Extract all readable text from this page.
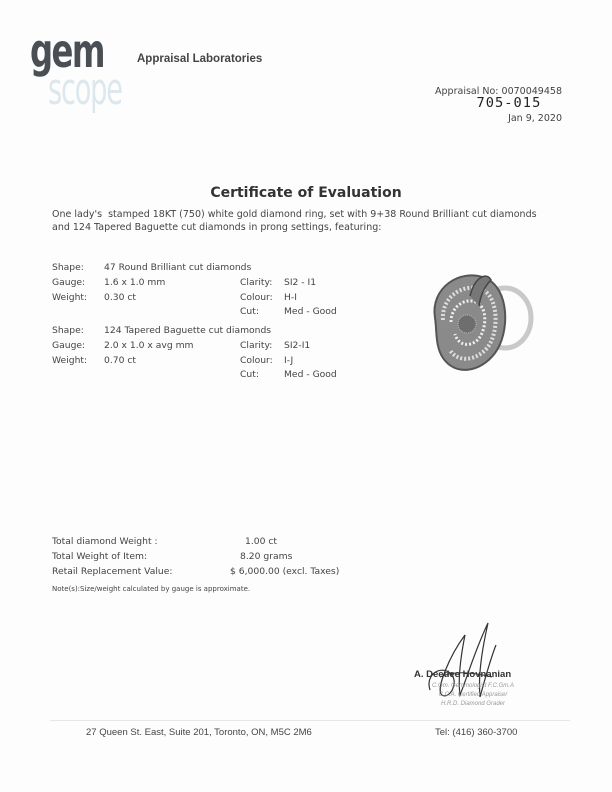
gem
scope
Appraisal Laboratories
Appraisal No: 0070049458
705-015
Jan 9, 2020
Certificate of Evaluation
One lady's  stamped 18KT (750) white gold diamond ring, set with 9+38 Round Brilliant cut diamonds
and 124 Tapered Baguette cut diamonds in prong settings, featuring:
Shape: 47 Round Brilliant cut diamonds
Gauge: 1.6 x 1.0 mm
Weight: 0.30 ct
Clarity: SI2 - I1
Colour: H-I
Cut:	Med - Good
Shape: 124 Tapered Baguette cut diamonds
Gauge: 2.0 x 1.0 x avg mm
Weight: 0.70 ct
Clarity: SI2-I1
Colour: I-J
Cut:	Med - Good
Total diamond Weight :	1.00 ct
Total Weight of Item:	8.20 grams
Retail Replacement Value:	$ 6,000.00 (excl. Taxes)
Note(s):Size/weight calculated by gauge is approximate.
A. Deedee Hovnanian
C.Gm. Gemmologist F.C.Gm.A
C.C.A. Certified Appraiser
H.R.D. Diamond Grader
27 Queen St. East, Suite 201, Toronto, ON, M5C 2M6	Tel: (416) 360-3700
